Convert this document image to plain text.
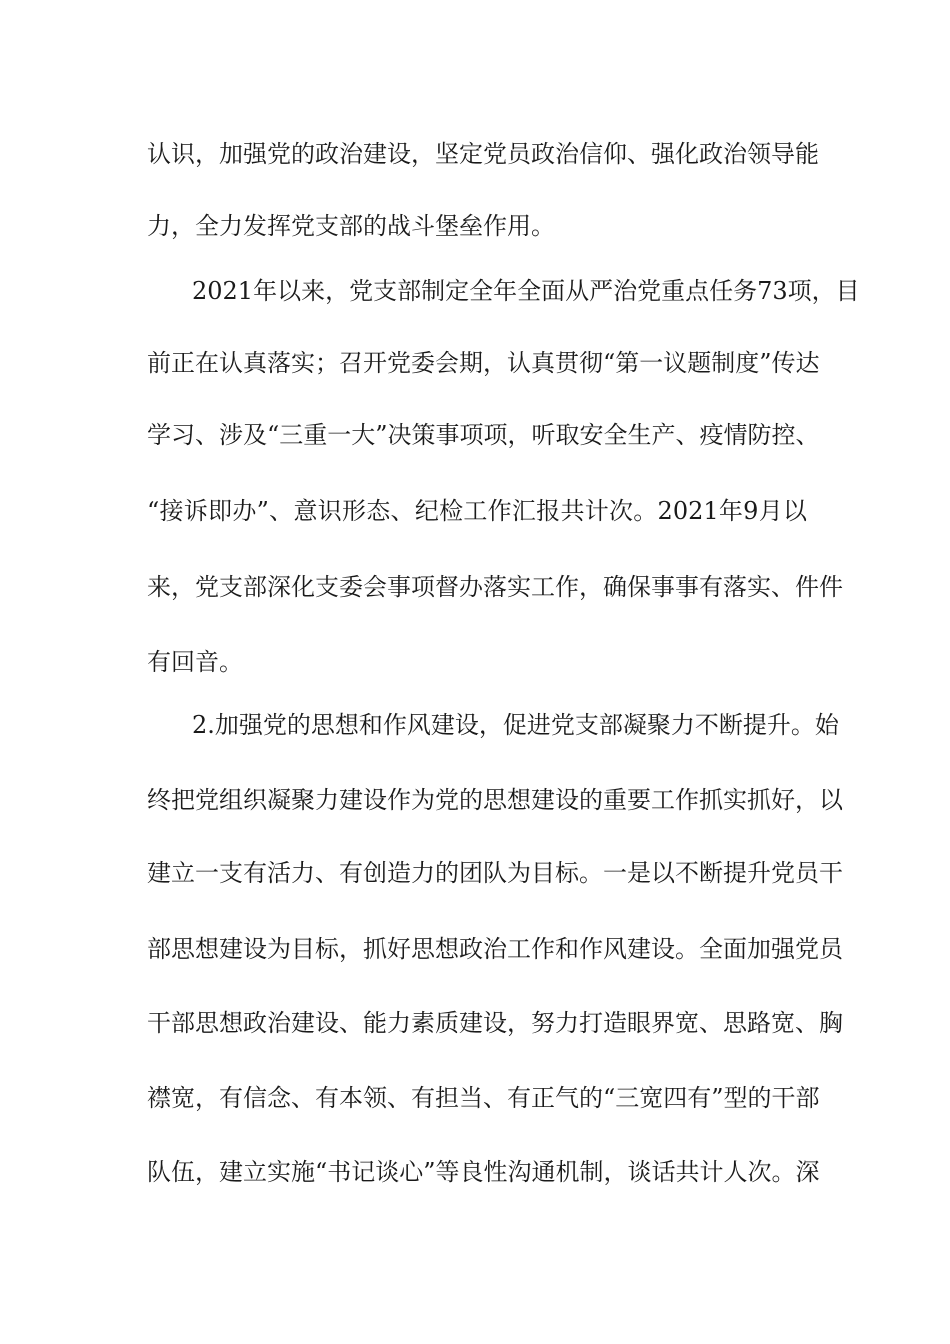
认识，加强党的政治建设，坚定党员政治信仰、强化政治领导能
力，全力发挥党支部的战斗堡垒作用。
2021年以来，党支部制定全年全面从严治党重点任务73项，目
前正在认真落实；召开党委会期，认真贯彻“第一议题制度”传达
学习、涉及“三重一大”决策事项项，听取安全生产、疫情防控、
“接诉即办”、意识形态、纪检工作汇报共计次。2021年9月以
来，党支部深化支委会事项督办落实工作，确保事事有落实、件件
有回音。
2.加强党的思想和作风建设，促进党支部凝聚力不断提升。始
终把党组织凝聚力建设作为党的思想建设的重要工作抓实抓好，以
建立一支有活力、有创造力的团队为目标。一是以不断提升党员干
部思想建设为目标，抓好思想政治工作和作风建设。全面加强党员
干部思想政治建设、能力素质建设，努力打造眼界宽、思路宽、胸
襟宽，有信念、有本领、有担当、有正气的“三宽四有”型的干部
队伍，建立实施“书记谈心”等良性沟通机制，谈话共计人次。深
